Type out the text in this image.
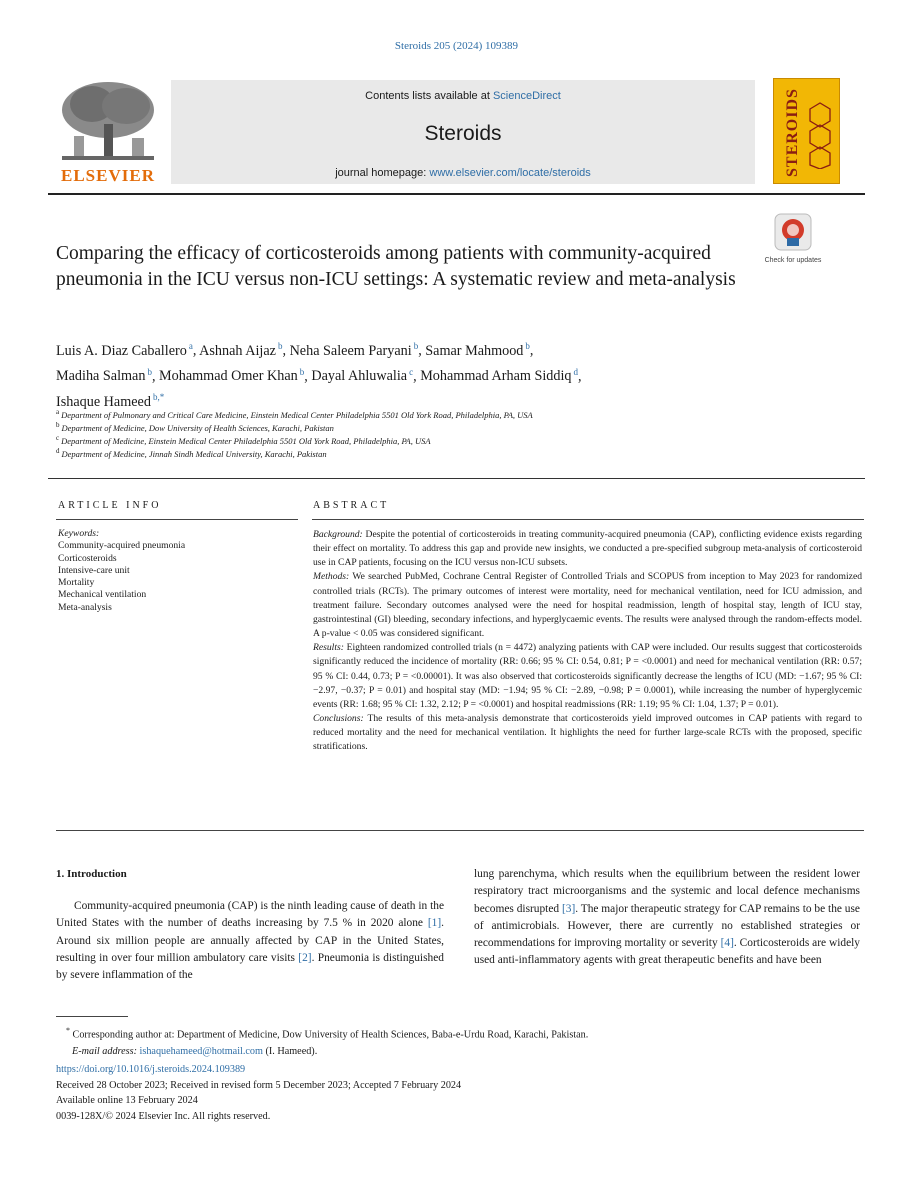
Steroids 205 (2024) 109389
ELSEVIER
Contents lists available at ScienceDirect
Steroids
journal homepage: www.elsevier.com/locate/steroids	STEROIDS
Comparing the efficacy of corticosteroids among patients with community-acquired pneumonia in the ICU versus non-ICU settings: A systematic review and meta-analysis
Check for updates
Luis A. Diaz Caballero $^a$, Ashnah Aijaz $^b$, Neha Saleem Paryani $^b$, Samar Mahmood $^b$,
Madiha Salman $^b$, Mohammad Omer Khan $^b$, Dayal Ahluwalia $^c$, Mohammad Arham Siddiq $^d$,
Ishaque Hameed $^{b,*}$
$^a$ Department of Pulmonary and Critical Care Medicine, Einstein Medical Center Philadelphia 5501 Old York Road, Philadelphia, PA, USA
$^b$ Department of Medicine, Dow University of Health Sciences, Karachi, Pakistan
$^c$ Department of Medicine, Einstein Medical Center Philadelphia 5501 Old York Road, Philadelphia, PA, USA
$^d$ Department of Medicine, Jinnah Sindh Medical University, Karachi, Pakistan
ARTICLE INFO	ABSTRACT
Keywords:
Community-acquired pneumonia
Corticosteroids
Intensive-care unit
Mortality
Mechanical ventilation
Meta-analysis

Background: Despite the potential of corticosteroids in treating community-acquired pneumonia (CAP), conflicting evidence exists regarding their effect on mortality. To address this gap and provide new insights, we conducted a pre-specified subgroup meta-analysis of corticosteroid use in CAP patients, focusing on the ICU versus non-ICU subsets.

Methods: We searched PubMed, Cochrane Central Register of Controlled Trials and SCOPUS from inception to May 2023 for randomized controlled trials (RCTs). The primary outcomes of interest were mortality, need for mechanical ventilation, need for ICU admission, and treatment failure. Secondary outcomes analysed were the need for hospital readmission, length of hospital stay, length of ICU stay, gastrointestinal (GI) bleeding, secondary infections, and hyperglycaemic events. The results were analysed through the random-effects model. A p-value < 0.05 was considered significant.

Results: Eighteen randomized controlled trials (n = 4472) analyzing patients with CAP were included. Our results suggest that corticosteroids significantly reduced the incidence of mortality (RR: 0.66; 95 % CI: 0.54, 0.81; P = <0.0001) and need for mechanical ventilation (RR: 0.57; 95 % CI: 0.44, 0.73; P = <0.00001). It was also observed that corticosteroids significantly decrease the lengths of ICU (MD: −1.67; 95 % CI: −2.97, −0.37; P = 0.01) and hospital stay (MD: −1.94; 95 % CI: −2.89, −0.98; P = 0.0001), while increasing the number of hyperglycemic events (RR: 1.68; 95 % CI: 1.32, 2.12; P = <0.0001) and hospital readmissions (RR: 1.19; 95 % CI: 1.04, 1.37; P = 0.01).

Conclusions: The results of this meta-analysis demonstrate that corticosteroids yield improved outcomes in CAP patients with regard to reduced mortality and the need for mechanical ventilation. It highlights the need for further large-scale RCTs with the proposed, specific stratifications.

1. Introduction

Community-acquired pneumonia (CAP) is the ninth leading cause of death in the United States with the number of deaths increasing by 7.5 % in 2020 alone [1]. Around six million people are annually affected by CAP in the United States, resulting in over four million ambulatory care visits [2]. Pneumonia is distinguished by severe inflammation of the

lung parenchyma, which results when the equilibrium between the resident lower respiratory tract microorganisms and the systemic and local defence mechanisms becomes disrupted [3]. The major therapeutic strategy for CAP remains to be the use of antimicrobials. However, there are currently no established strategies or recommendations for improving mortality or severity [4]. Corticosteroids are widely used anti-inflammatory agents with great therapeutic benefits and have been

* Corresponding author at: Department of Medicine, Dow University of Health Sciences, Baba-e-Urdu Road, Karachi, Pakistan.
E-mail address: ishaquehameed@hotmail.com (I. Hameed).
https://doi.org/10.1016/j.steroids.2024.109389
Received 28 October 2023; Received in revised form 5 December 2023; Accepted 7 February 2024
Available online 13 February 2024
0039-128X/© 2024 Elsevier Inc. All rights reserved.
